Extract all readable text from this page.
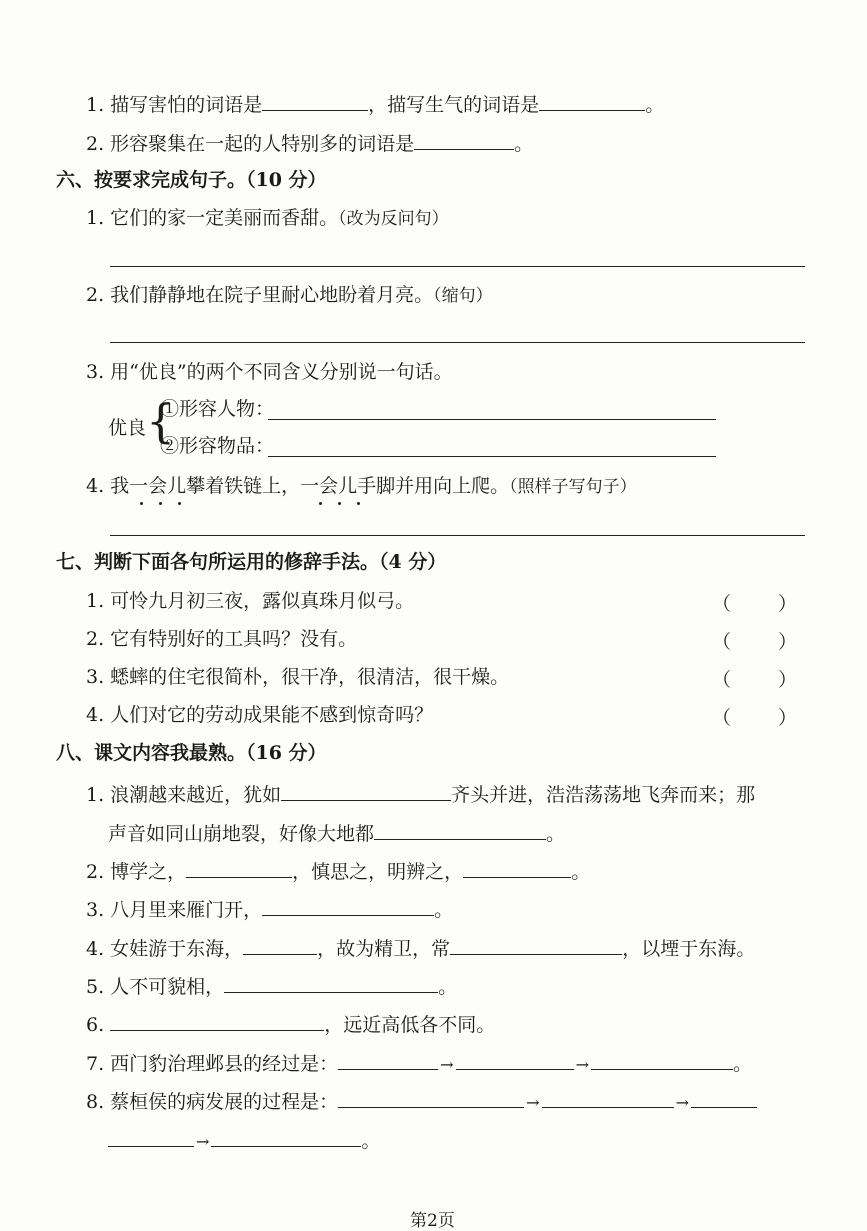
1. 描写害怕的词语是	，描写生气的词语是	。
2. 形容聚集在一起的人特别多的词语是	。
六、按要求完成句子。（10 分）
1. 它们的家一定美丽而香甜。（改为反问句）
2. 我们静静地在院子里耐心地盼着月亮。（缩句）
3. 用“优良”的两个不同含义分别说一句话。
优良 {
①形容人物：
②形容物品：
4. 我一会儿攀着铁链上，一会儿手脚并用向上爬。（照样子写句子）
七、判断下面各句所运用的修辞手法。（4 分）
1. 可怜九月初三夜，露似真珠月似弓。	（ ）
2. 它有特别好的工具吗？没有。	（ ）
3. 蟋蟀的住宅很简朴，很干净，很清洁，很干燥。	（ ）
4. 人们对它的劳动成果能不感到惊奇吗？	（ ）
八、课文内容我最熟。（16 分）
1. 浪潮越来越近，犹如	齐头并进，浩浩荡荡地飞奔而来；那
声音如同山崩地裂，好像大地都	。
2. 博学之，	，慎思之，明辨之，	。
3. 八月里来雁门开，	。
4. 女娃游于东海，	，故为精卫，常	，以堙于东海。
5. 人不可貌相，	。
6.	，远近高低各不同。
7. 西门豹治理邺县的经过是：	→	→	。
8. 蔡桓侯的病发展的过程是：	→	→
→	。
第2页
